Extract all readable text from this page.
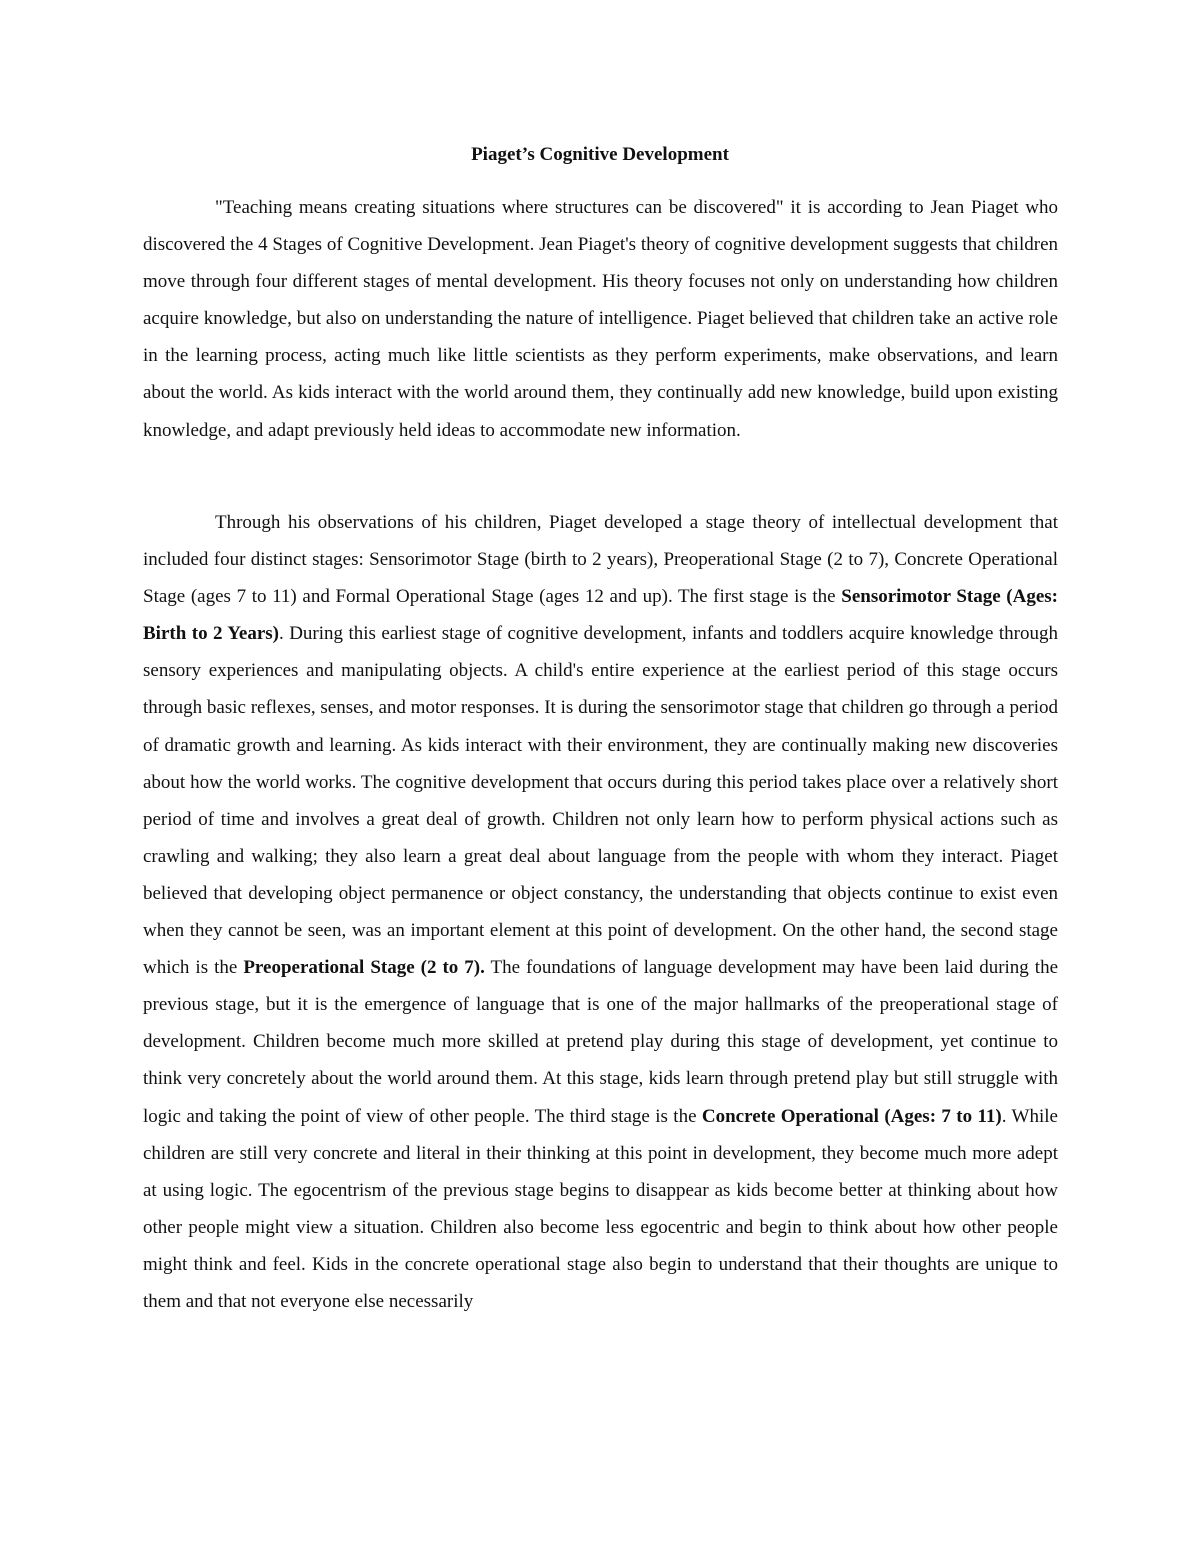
Piaget’s Cognitive Development

"Teaching means creating situations where structures can be discovered" it is according to Jean Piaget who discovered the 4 Stages of Cognitive Development. Jean Piaget's theory of cognitive development suggests that children move through four different stages of mental development. His theory focuses not only on understanding how children acquire knowledge, but also on understanding the nature of intelligence. Piaget believed that children take an active role in the learning process, acting much like little scientists as they perform experiments, make observations, and learn about the world. As kids interact with the world around them, they continually add new knowledge, build upon existing knowledge, and adapt previously held ideas to accommodate new information.

Through his observations of his children, Piaget developed a stage theory of intellectual development that included four distinct stages: Sensorimotor Stage (birth to 2 years), Preoperational Stage (2 to 7), Concrete Operational Stage (ages 7 to 11) and Formal Operational Stage (ages 12 and up). The first stage is the Sensorimotor Stage (Ages: Birth to 2 Years). During this earliest stage of cognitive development, infants and toddlers acquire knowledge through sensory experiences and manipulating objects. A child's entire experience at the earliest period of this stage occurs through basic reflexes, senses, and motor responses. It is during the sensorimotor stage that children go through a period of dramatic growth and learning. As kids interact with their environment, they are continually making new discoveries about how the world works. The cognitive development that occurs during this period takes place over a relatively short period of time and involves a great deal of growth. Children not only learn how to perform physical actions such as crawling and walking; they also learn a great deal about language from the people with whom they interact. Piaget believed that developing object permanence or object constancy, the understanding that objects continue to exist even when they cannot be seen, was an important element at this point of development. On the other hand, the second stage which is the Preoperational Stage (2 to 7). The foundations of language development may have been laid during the previous stage, but it is the emergence of language that is one of the major hallmarks of the preoperational stage of development. Children become much more skilled at pretend play during this stage of development, yet continue to think very concretely about the world around them. At this stage, kids learn through pretend play but still struggle with logic and taking the point of view of other people. The third stage is the Concrete Operational (Ages: 7 to 11). While children are still very concrete and literal in their thinking at this point in development, they become much more adept at using logic. The egocentrism of the previous stage begins to disappear as kids become better at thinking about how other people might view a situation. Children also become less egocentric and begin to think about how other people might think and feel. Kids in the concrete operational stage also begin to understand that their thoughts are unique to them and that not everyone else necessarily
